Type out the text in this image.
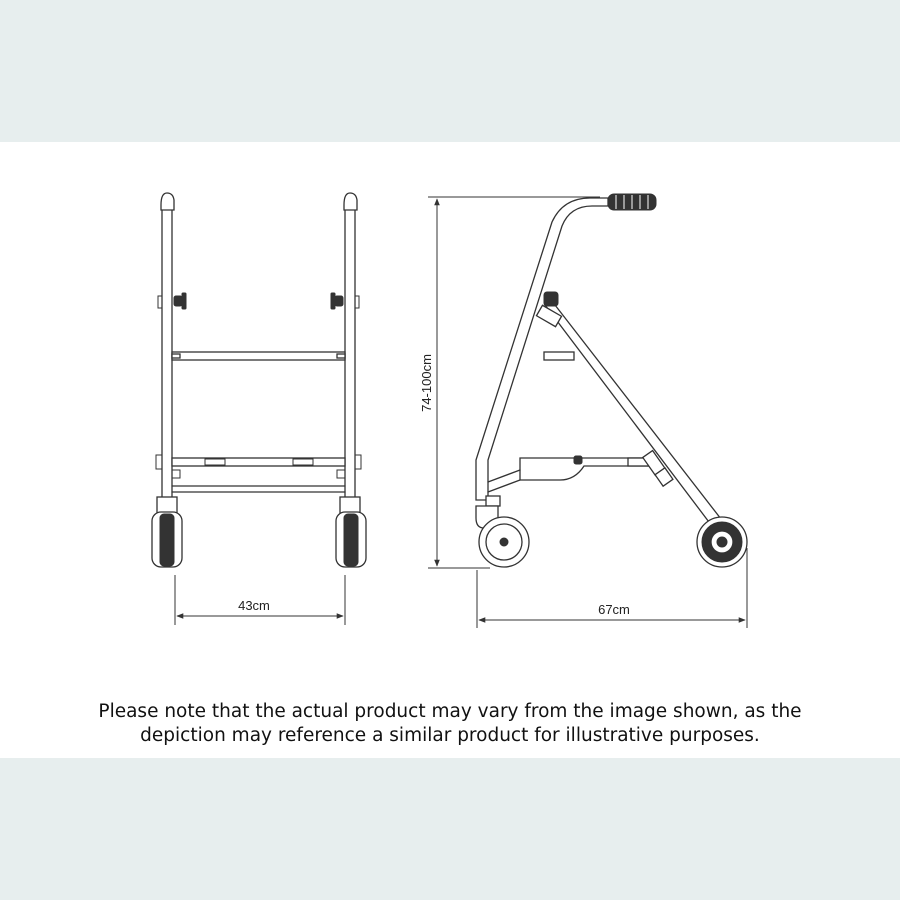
43cm
74-100cm
67cm
Please note that the actual product may vary from the image shown, as the
depiction may reference a similar product for illustrative purposes.
